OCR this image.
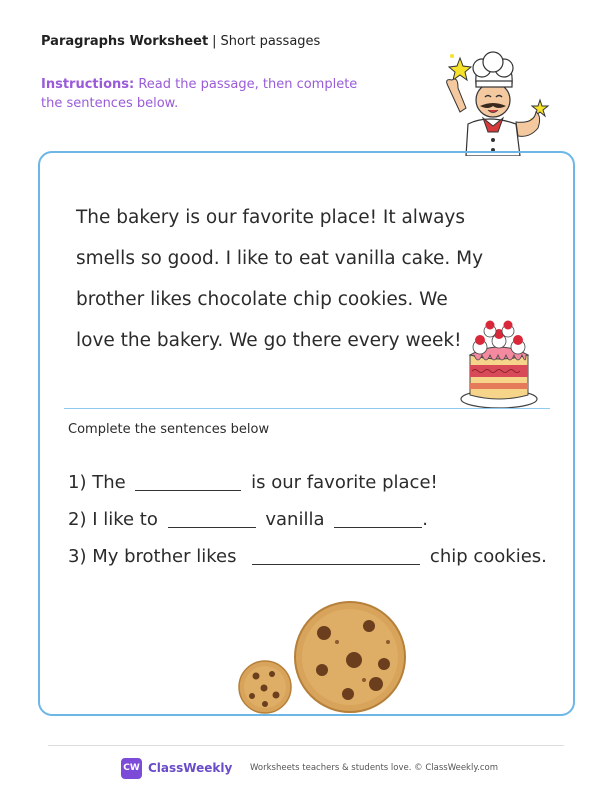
Paragraphs Worksheet | Short passages
Instructions: Read the passage, then complete the sentences below.

The bakery is our favorite place! It always

smells so good. I like to eat vanilla cake. My

brother likes chocolate chip cookies. We

love the bakery. We go there every week!

Complete the sentences below
1) The	is our favorite place!
2) I like to	vanilla	.
3) My brother likes	chip cookies.
CW ClassWeekly Worksheets teachers & students love. © ClassWeekly.com
